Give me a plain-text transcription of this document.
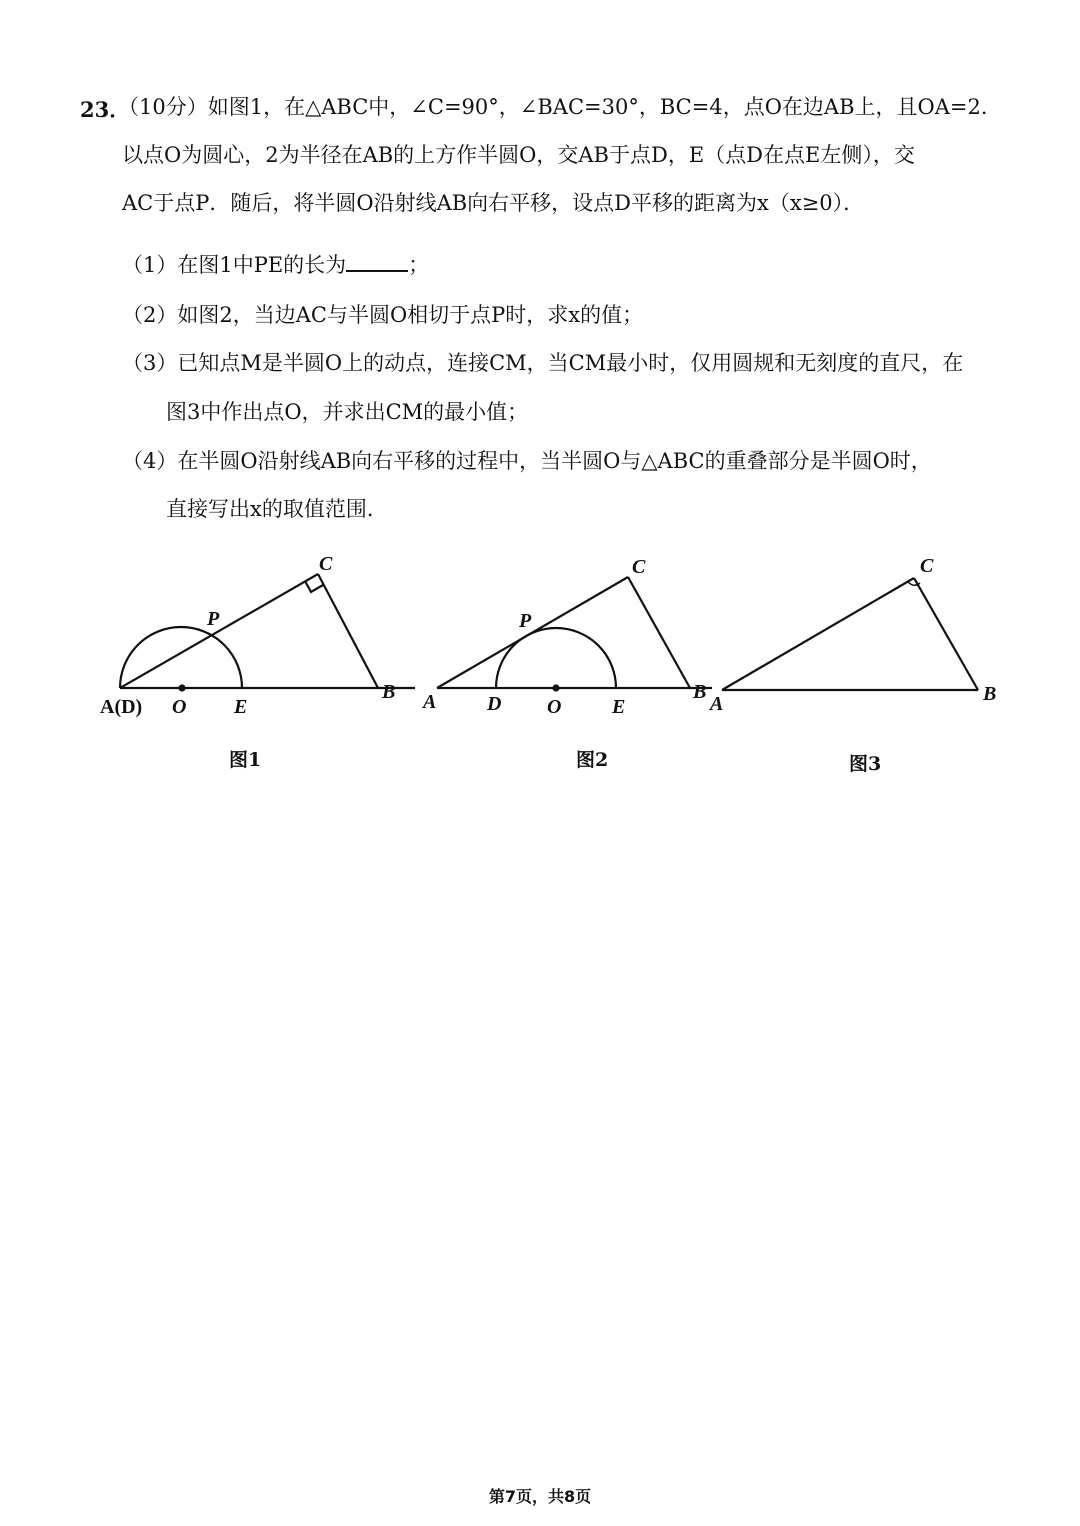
23．
（10分）如图1，在△ABC中，∠C=90°，∠BAC=30°，BC=4，点O在边AB上，且OA=2．
以点O为圆心，2为半径在AB的上方作半圆O，交AB于点D，E（点D在点E左侧），交
AC于点P．随后，将半圆O沿射线AB向右平移，设点D平移的距离为x（x≥0）．
（1）在图1中PE的长为	；
（2）如图2，当边AC与半圆O相切于点P时，求x的值；
（3）已知点M是半圆O上的动点，连接CM，当CM最小时，仅用圆规和无刻度的直尺，在
图3中作出点O，并求出CM的最小值；
（4）在半圆O沿射线AB向右平移的过程中，当半圆O与△ABC的重叠部分是半圆O时，
直接写出x的取值范围．
A(D) O E
P
C
B A	D O	E
P
C
B
A
C
B
图1	图2	图3
第7页，共8页
